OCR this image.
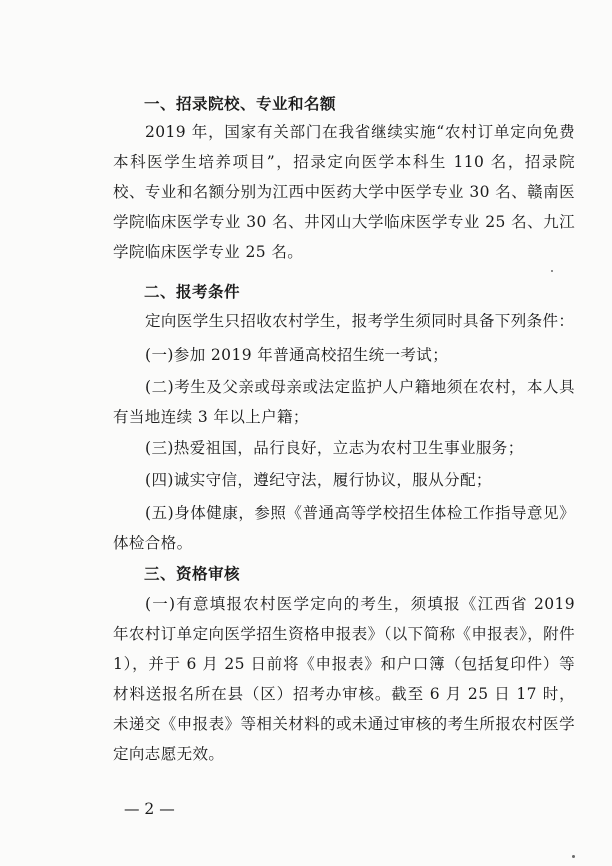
一、招录院校、专业和名额
2019 年，国家有关部门在我省继续实施“农村订单定向免费本科医学生培养项目”，招录定向医学本科生 110 名，招录院校、专业和名额分别为江西中医药大学中医学专业 30 名、赣南医学院临床医学专业 30 名、井冈山大学临床医学专业 25 名、九江学院临床医学专业 25 名。
二、报考条件
定向医学生只招收农村学生，报考学生须同时具备下列条件：
(一)参加 2019 年普通高校招生统一考试；
(二)考生及父亲或母亲或法定监护人户籍地须在农村，本人具有当地连续 3 年以上户籍；
(三)热爱祖国，品行良好，立志为农村卫生事业服务；
(四)诚实守信，遵纪守法，履行协议，服从分配；
(五)身体健康，参照《普通高等学校招生体检工作指导意见》体检合格。
三、资格审核
(一)有意填报农村医学定向的考生，须填报《江西省 2019 年农村订单定向医学招生资格申报表》（以下简称《申报表》，附件 1），并于 6 月 25 日前将《申报表》和户口簿（包括复印件）等材料送报名所在县（区）招考办审核。截至 6 月 25 日 17 时，未递交《申报表》等相关材料的或未通过审核的考生所报农村医学定向志愿无效。
— 2 —
